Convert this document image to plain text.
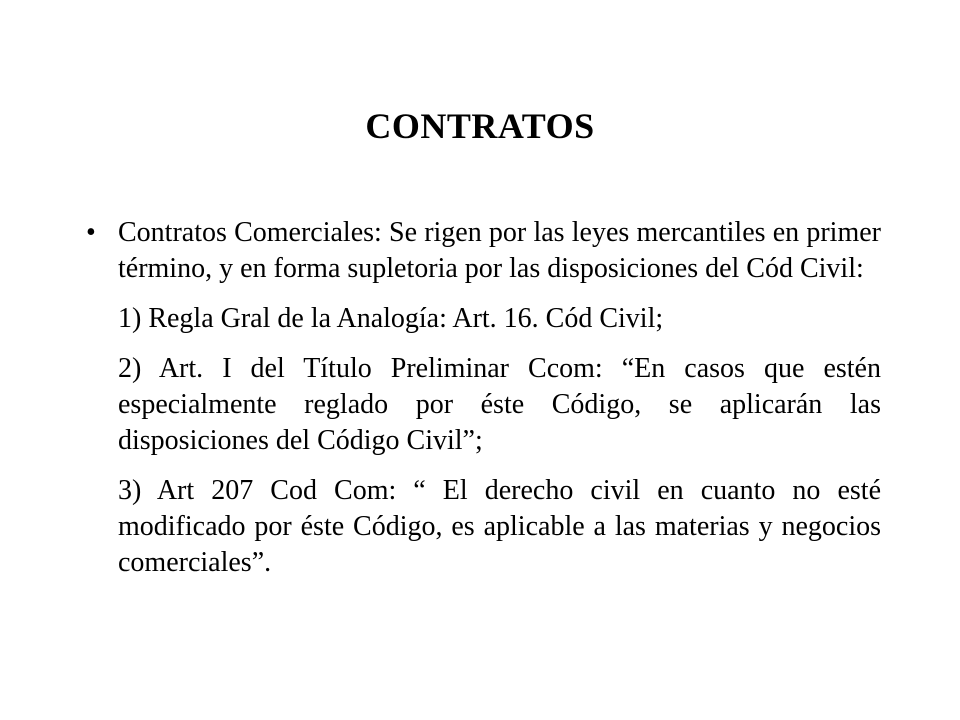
CONTRATOS
• Contratos Comerciales: Se rigen por las leyes mercantiles en primer término, y en forma supletoria por las disposiciones del Cód Civil:

1) Regla Gral de la Analogía: Art. 16. Cód Civil;

2) Art. I del Título Preliminar Ccom: “En casos que estén especialmente reglado por éste Código, se aplicarán las disposiciones del Código Civil”;

3) Art 207 Cod Com: “ El derecho civil en cuanto no esté modificado por éste Código, es aplicable a las materias y negocios comerciales”.
